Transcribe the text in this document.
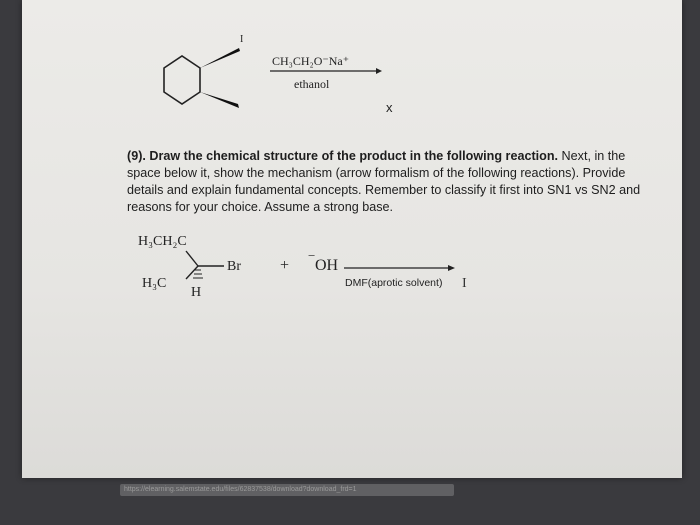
I
CH₃CH₂O⁻Na⁺
ethanol
x
(9). Draw the chemical structure of the product in the following reaction. Next, in the space below it, show the mechanism (arrow formalism of the following reactions). Provide details and explain fundamental concepts. Remember to classify it first into SN1 vs SN2 and reasons for your choice. Assume a strong base.
H₃CH₂C
Br
H₃C
H
+
−
OH
DMF(aprotic solvent) I
https://elearning.salemstate.edu/files/62837538/download?download_frd=1
